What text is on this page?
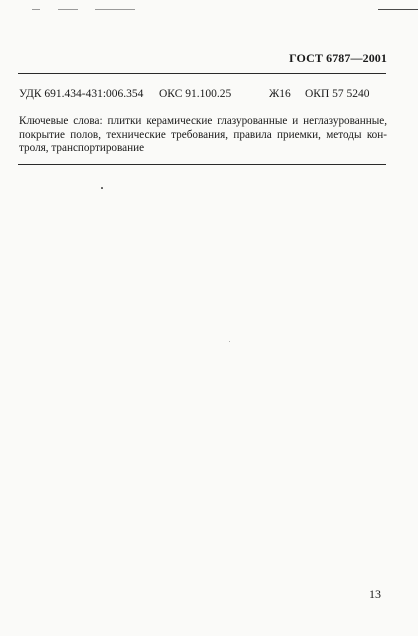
ГОСТ 6787—2001
УДК 691.434-431:006.354 ОКС 91.100.25	Ж16 ОКП 57 5240
Ключевые слова: плитки керамические глазурованные и неглазурованные,
покрытие полов, технические требования, правила приемки, методы кон-
троля, транспортирование
13
